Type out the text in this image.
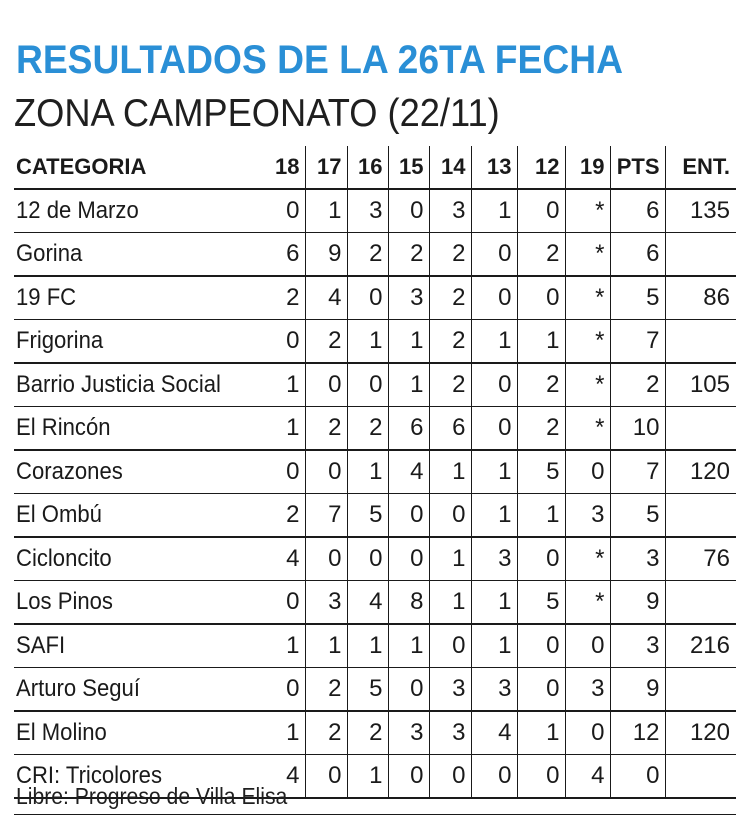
RESULTADOS DE LA 26TA FECHA
ZONA CAMPEONATO (22/11)
CATEGORIA	18	17	16	15	14	13	12	19	PTS	ENT.
12 de Marzo	0	1	3	0	3	1	0	*	6	135
Gorina	6	9	2	2	2	0	2	*	6	
19 FC	2	4	0	3	2	0	0	*	5	86
Frigorina	0	2	1	1	2	1	1	*	7	
Barrio Justicia Social	1	0	0	1	2	0	2	*	2	105
El Rincón	1	2	2	6	6	0	2	*	10	
Corazones	0	0	1	4	1	1	5	0	7	120
El Ombú	2	7	5	0	0	1	1	3	5	
Cicloncito	4	0	0	0	1	3	0	*	3	76
Los Pinos	0	3	4	8	1	1	5	*	9	
SAFI	1	1	1	1	0	1	0	0	3	216
Arturo Seguí	0	2	5	0	3	3	0	3	9	
El Molino	1	2	2	3	3	4	1	0	12	120
CRI: Tricolores	4	0	1	0	0	0	0	4	0	
Libre: Progreso de Villa Elisa
